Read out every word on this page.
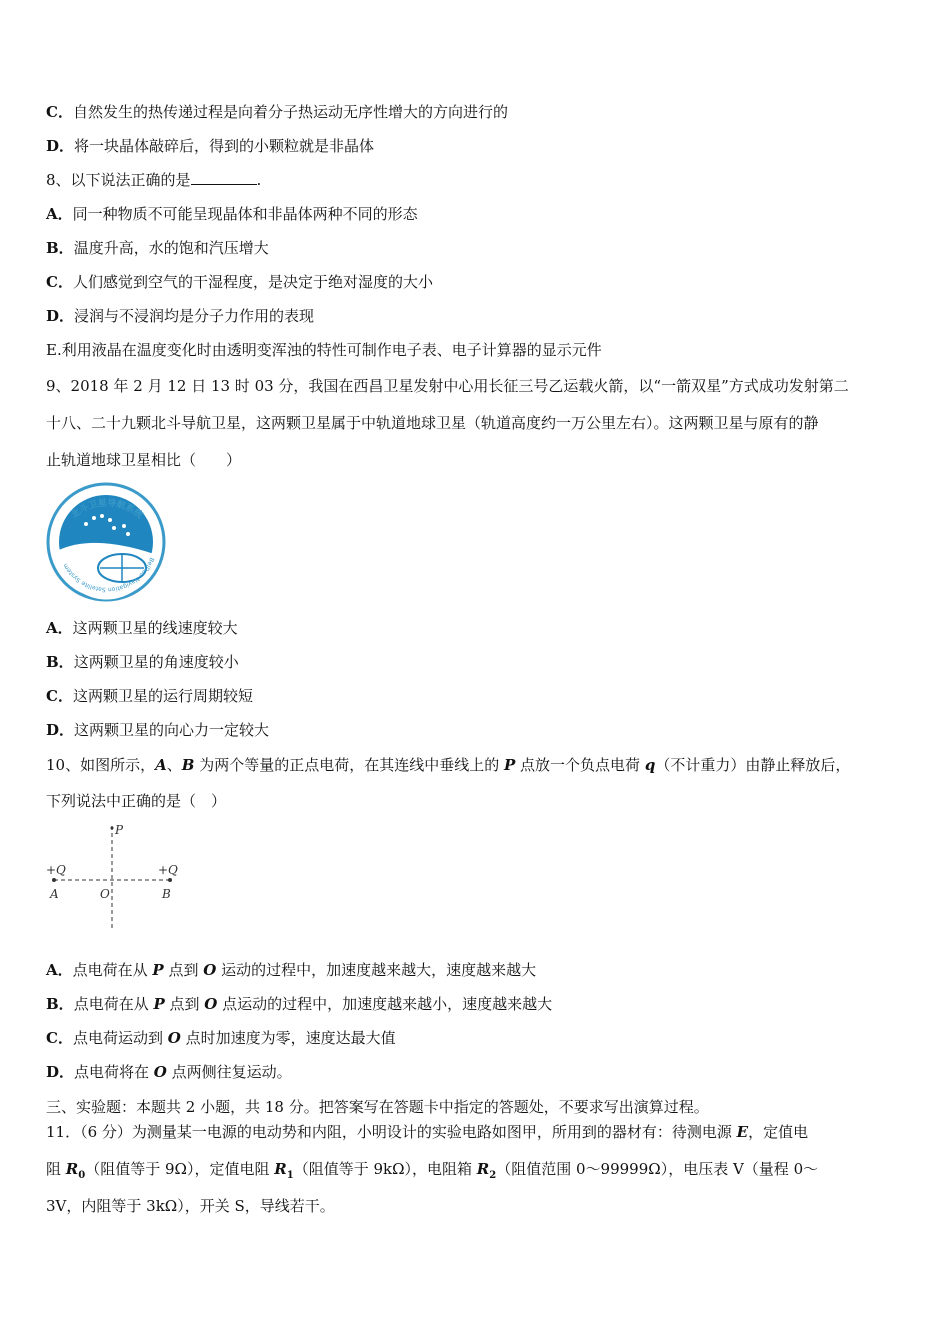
C．自然发生的热传递过程是向着分子热运动无序性增大的方向进行的
D．将一块晶体敲碎后，得到的小颗粒就是非晶体
8、以下说法正确的是	.
A．同一种物质不可能呈现晶体和非晶体两种不同的形态
B．温度升高，水的饱和汽压增大
C．人们感觉到空气的干湿程度，是决定于绝对湿度的大小
D．浸润与不浸润均是分子力作用的表现
E.利用液晶在温度变化时由透明变浑浊的特性可制作电子表、电子计算器的显示元件
9、2018 年 2 月 12 日 13 时 03 分，我国在西昌卫星发射中心用长征三号乙运载火箭，以“一箭双星”方式成功发射第二
十八、二十九颗北斗导航卫星，这两颗卫星属于中轨道地球卫星（轨道高度约一万公里左右）。这两颗卫星与原有的静
止轨道地球卫星相比（　　）
北斗卫星导航系统
BeiDou Navigation Satellite System
A．这两颗卫星的线速度较大
B．这两颗卫星的角速度较小
C．这两颗卫星的运行周期较短
D．这两颗卫星的向心力一定较大
10、如图所示，A、B 为两个等量的正点电荷，在其连线中垂线上的 P 点放一个负点电荷 q（不计重力）由静止释放后，
下列说法中正确的是（　）
P
+Q	+Q
A	O	B
A．点电荷在从 P 点到 O 运动的过程中，加速度越来越大，速度越来越大
B．点电荷在从 P 点到 O 点运动的过程中，加速度越来越小，速度越来越大
C．点电荷运动到 O 点时加速度为零，速度达最大值
D．点电荷将在 O 点两侧往复运动。
三、实验题：本题共 2 小题，共 18 分。把答案写在答题卡中指定的答题处，不要求写出演算过程。
11．（6 分）为测量某一电源的电动势和内阻，小明设计的实验电路如图甲，所用到的器材有：待测电源 E，定值电
阻 $R_0$（阻值等于 9Ω），定值电阻 $R_1$（阻值等于 9kΩ），电阻箱 $R_2$（阻值范围 0～99999Ω），电压表 V（量程 0～
3V，内阻等于 3kΩ），开关 S，导线若干。
